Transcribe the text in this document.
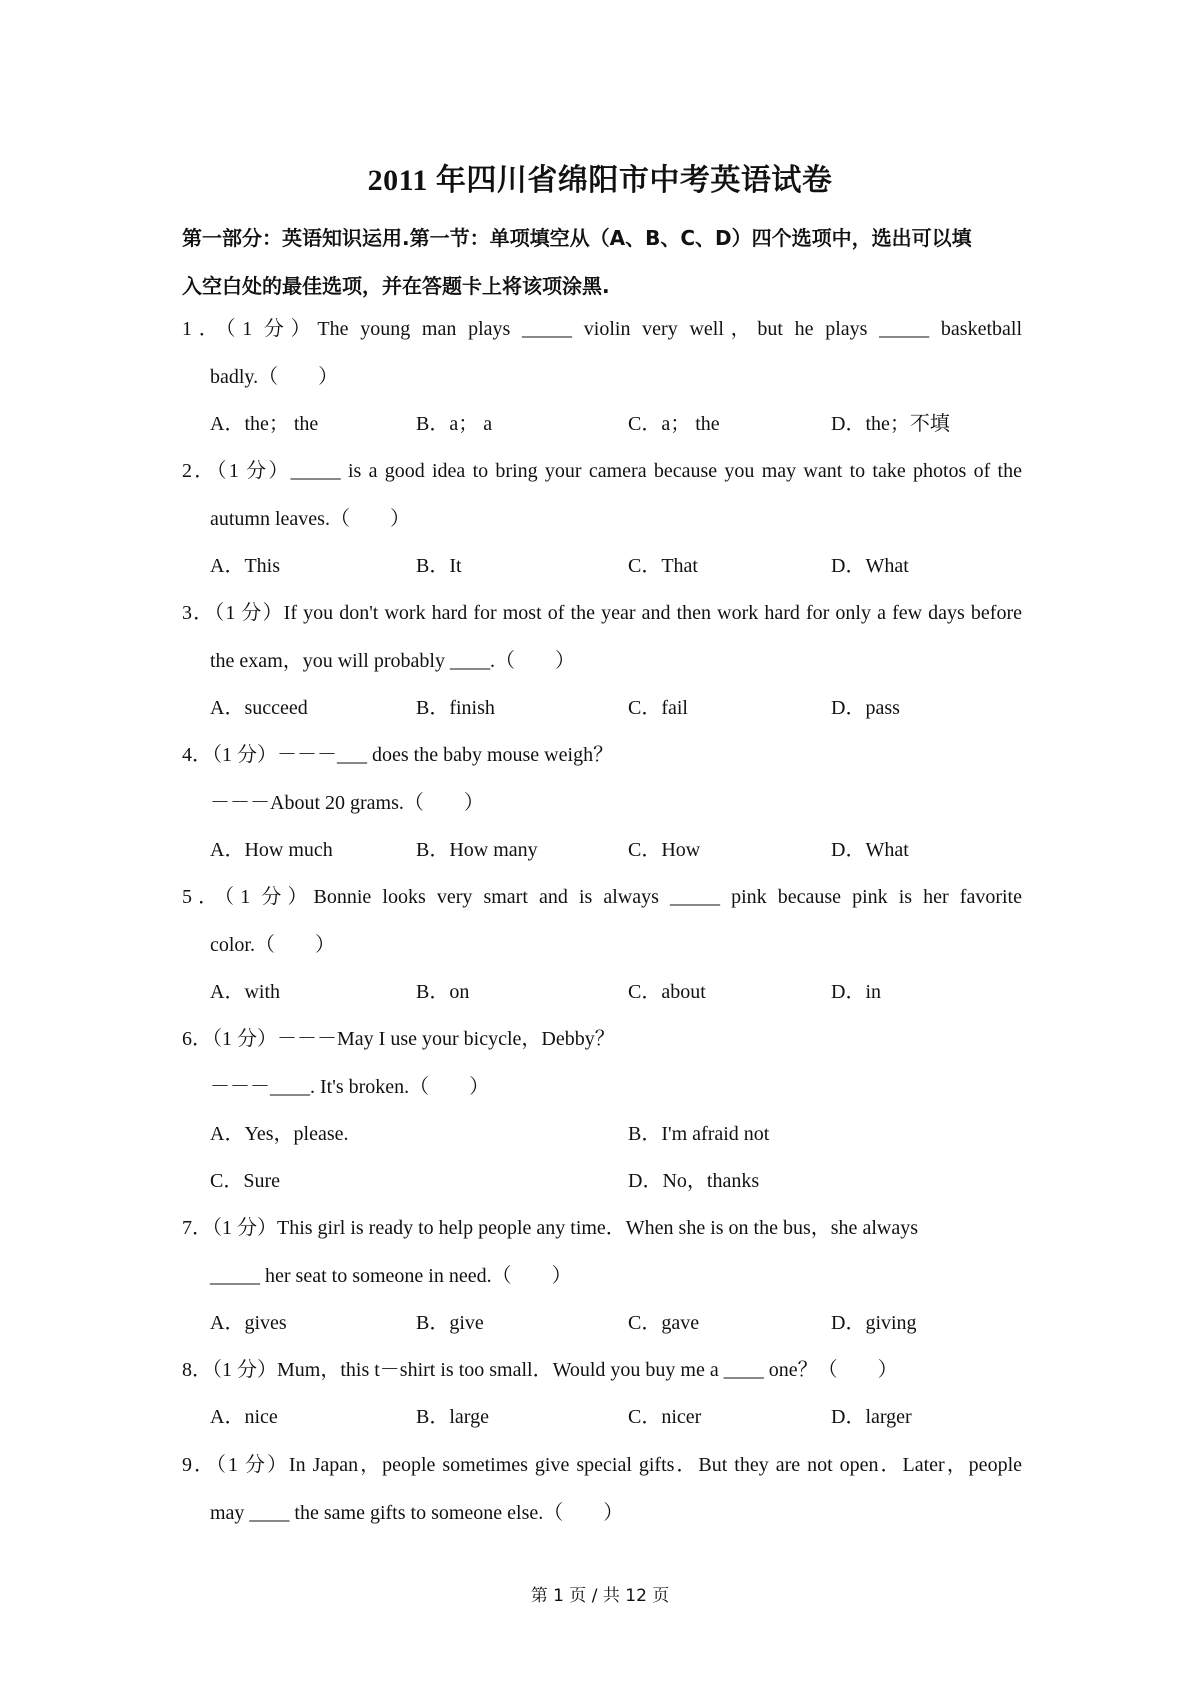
2011 年四川省绵阳市中考英语试卷
第一部分：英语知识运用.第一节：单项填空从（A、B、C、D）四个选项中，选出可以填
入空白处的最佳选项，并在答题卡上将该项涂黑.
1．（1 分）The young man plays _____ violin very well，but he plays _____ basketball
badly.（　　）
A．the； the	B．a； a	C．a； the	D．the；不填
2．（1 分）_____ is a good idea to bring your camera because you may want to take photos of the
autumn leaves.（　　）
A．This	B．It	C．That	D．What
3．（1 分）If you don't work hard for most of the year and then work hard for only a few days before
the exam，you will probably ____.（　　）
A．succeed	B．finish	C．fail	D．pass
4．（1 分）－－－___ does the baby mouse weigh？
－－－About 20 grams.（　　）
A．How much	B．How many	C．How	D．What
5．（1 分）Bonnie looks very smart and is always _____ pink because pink is her favorite
color.（　　）
A．with	B．on	C．about	D．in
6．（1 分）－－－May I use your bicycle，Debby？
－－－____. It's broken.（　　）
A．Yes，please.	B．I'm afraid not
C．Sure	D．No，thanks
7．（1 分）This girl is ready to help people any time．When she is on the bus，she always
_____ her seat to someone in need.（　　）
A．gives	B．give	C．gave	D．giving
8．（1 分）Mum，this t－shirt is too small．Would you buy me a ____ one？（　　）
A．nice	B．large	C．nicer	D．larger
9．（1 分）In Japan，people sometimes give special gifts．But they are not open．Later，people
may ____ the same gifts to someone else.（　　）
第 1 页 / 共 12 页
